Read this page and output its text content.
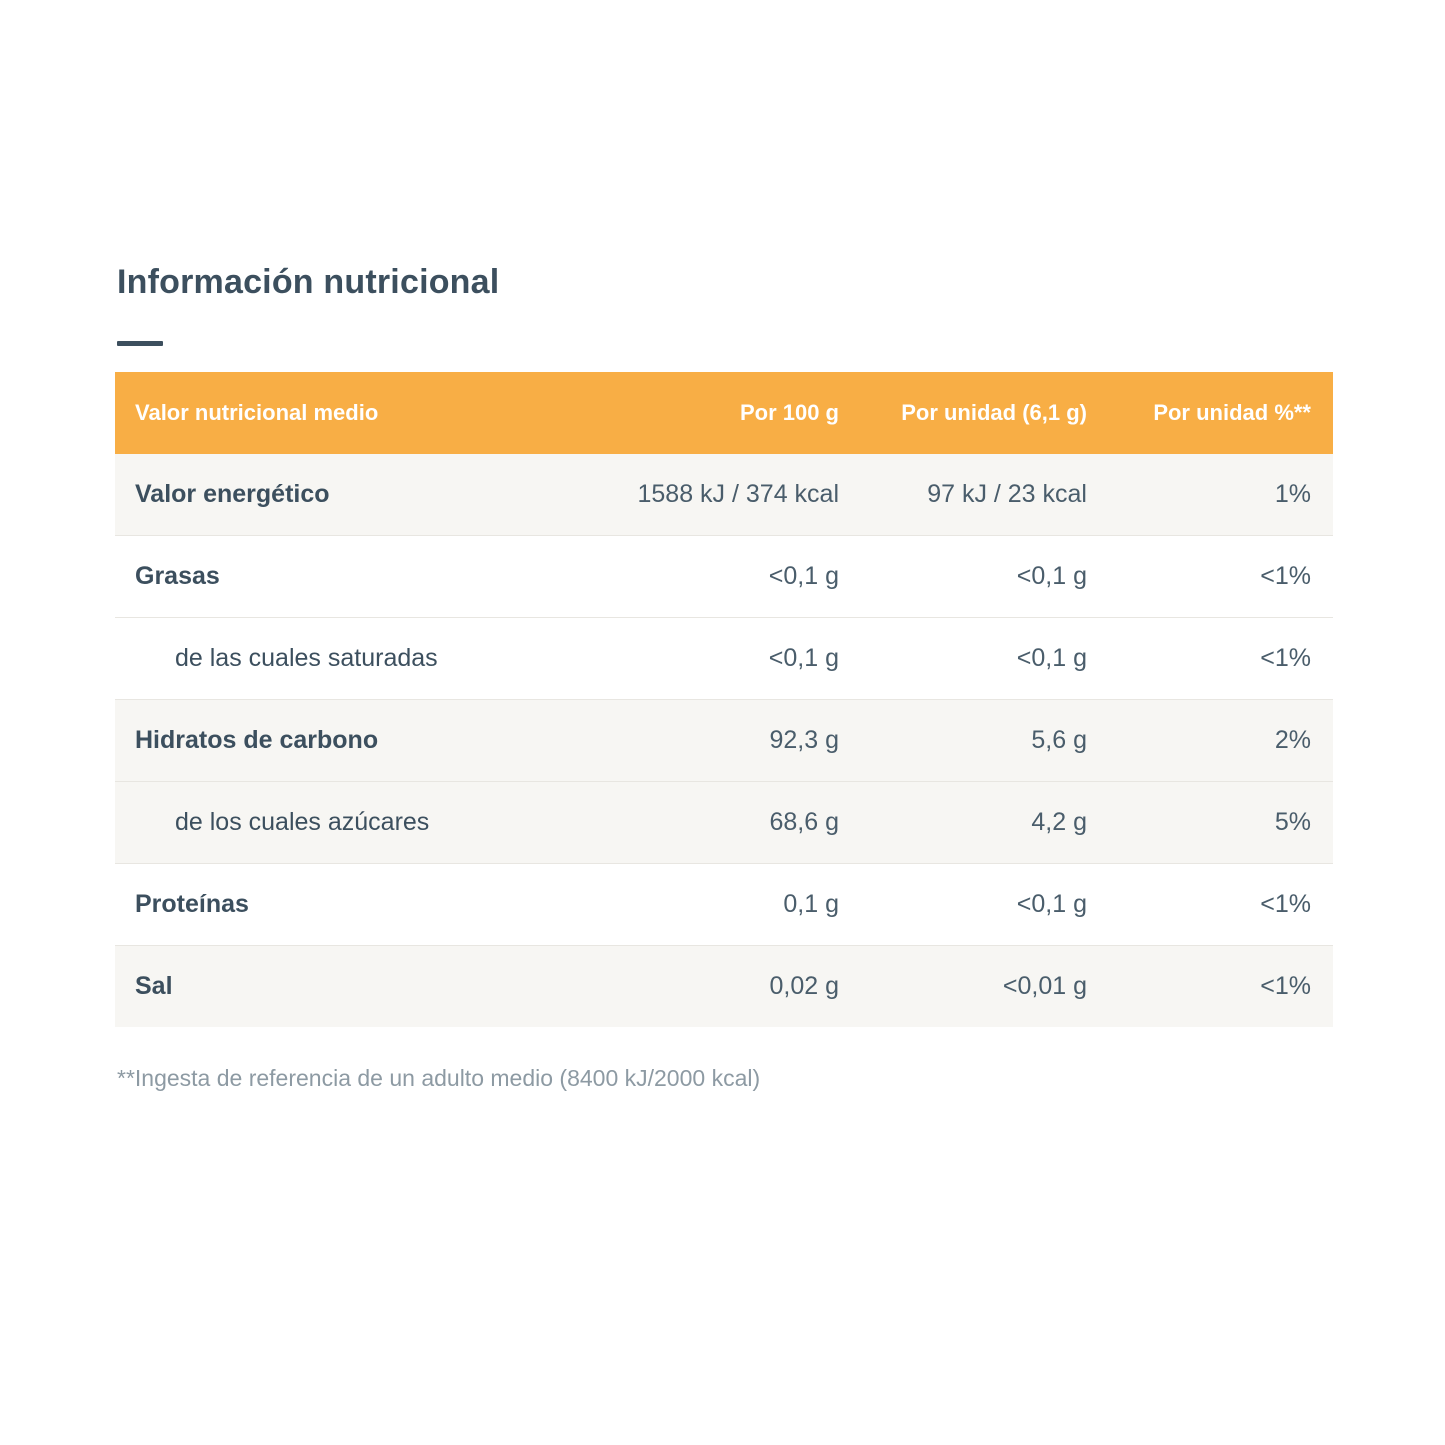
Información nutricional
Valor nutricional medio	Por 100 g	Por unidad (6,1 g)	Por unidad %**
Valor energético	1588 kJ / 374 kcal	97 kJ / 23 kcal	1%
Grasas	<0,1 g	<0,1 g	<1%
de las cuales saturadas	<0,1 g	<0,1 g	<1%
Hidratos de carbono	92,3 g	5,6 g	2%
de los cuales azúcares	68,6 g	4,2 g	5%
Proteínas	0,1 g	<0,1 g	<1%
Sal	0,02 g	<0,01 g	<1%
**Ingesta de referencia de un adulto medio (8400 kJ/2000 kcal)
